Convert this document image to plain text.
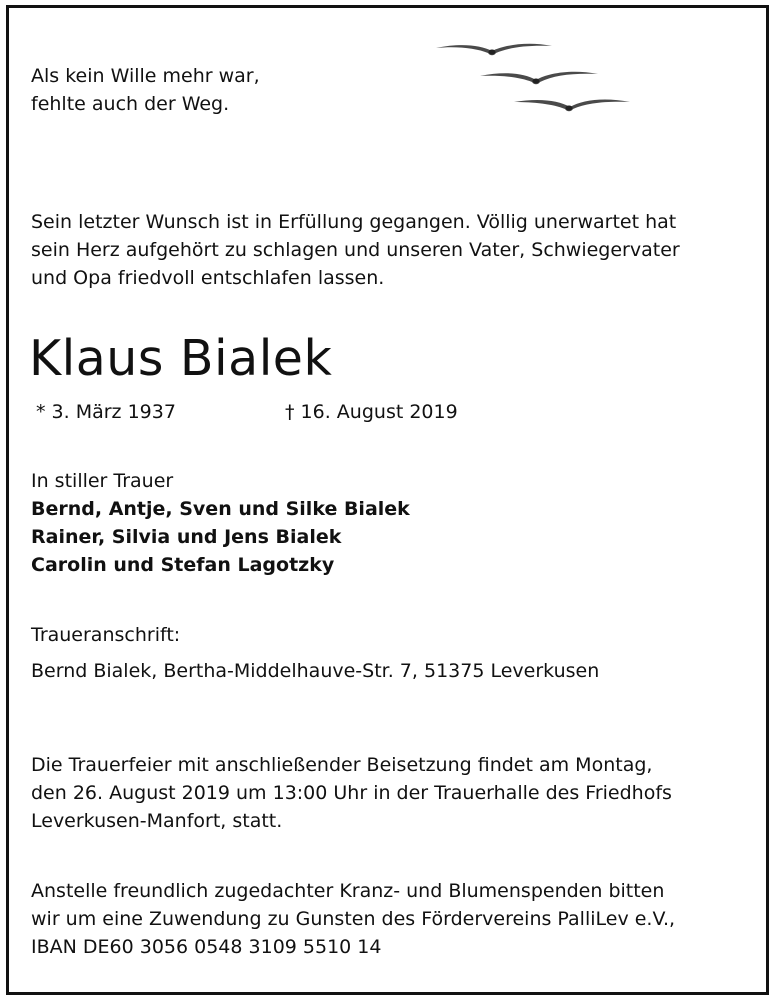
Als kein Wille mehr war,
fehlte auch der Weg.
Sein letzter Wunsch ist in Erfüllung gegangen. Völlig unerwartet hat
sein Herz aufgehört zu schlagen und unseren Vater, Schwiegervater
und Opa friedvoll entschlafen lassen.
Klaus Bialek
* 3. März 1937	† 16. August 2019
In stiller Trauer
Bernd, Antje, Sven und Silke Bialek
Rainer, Silvia und Jens Bialek
Carolin und Stefan Lagotzky
Traueranschrift:
Bernd Bialek, Bertha-Middelhauve-Str. 7, 51375 Leverkusen
Die Trauerfeier mit anschließender Beisetzung findet am Montag,
den 26. August 2019 um 13:00 Uhr in der Trauerhalle des Friedhofs
Leverkusen-Manfort, statt.
Anstelle freundlich zugedachter Kranz- und Blumenspenden bitten
wir um eine Zuwendung zu Gunsten des Fördervereins PalliLev e.V.,
IBAN DE60 3056 0548 3109 5510 14
